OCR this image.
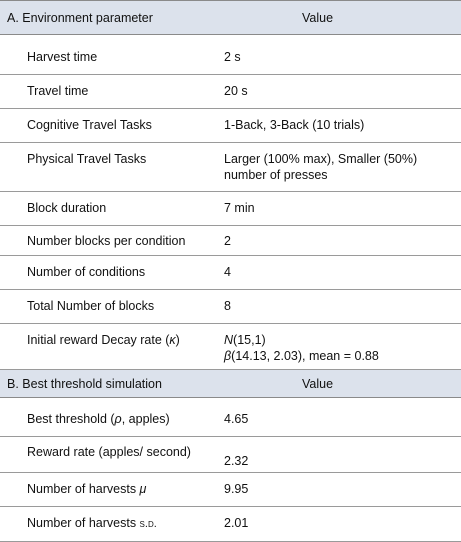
A. Environment parameter	Value

Harvest time	2 s
Travel time	20 s
Cognitive Travel Tasks	1-Back, 3-Back (10 trials)
Physical Travel Tasks	Larger (100% max), Smaller (50%) number of presses
Block duration	7 min
Number blocks per condition	2
Number of conditions	4
Total Number of blocks	8
Initial reward Decay rate (κ)	N(15,1)
β(14.13, 2.03), mean = 0.88

B. Best threshold simulation	Value

Best threshold (ρ, apples)	4.65
Reward rate (apples/ second)	2.32
Number of harvests μ	9.95
Number of harvests s.d.	2.01
